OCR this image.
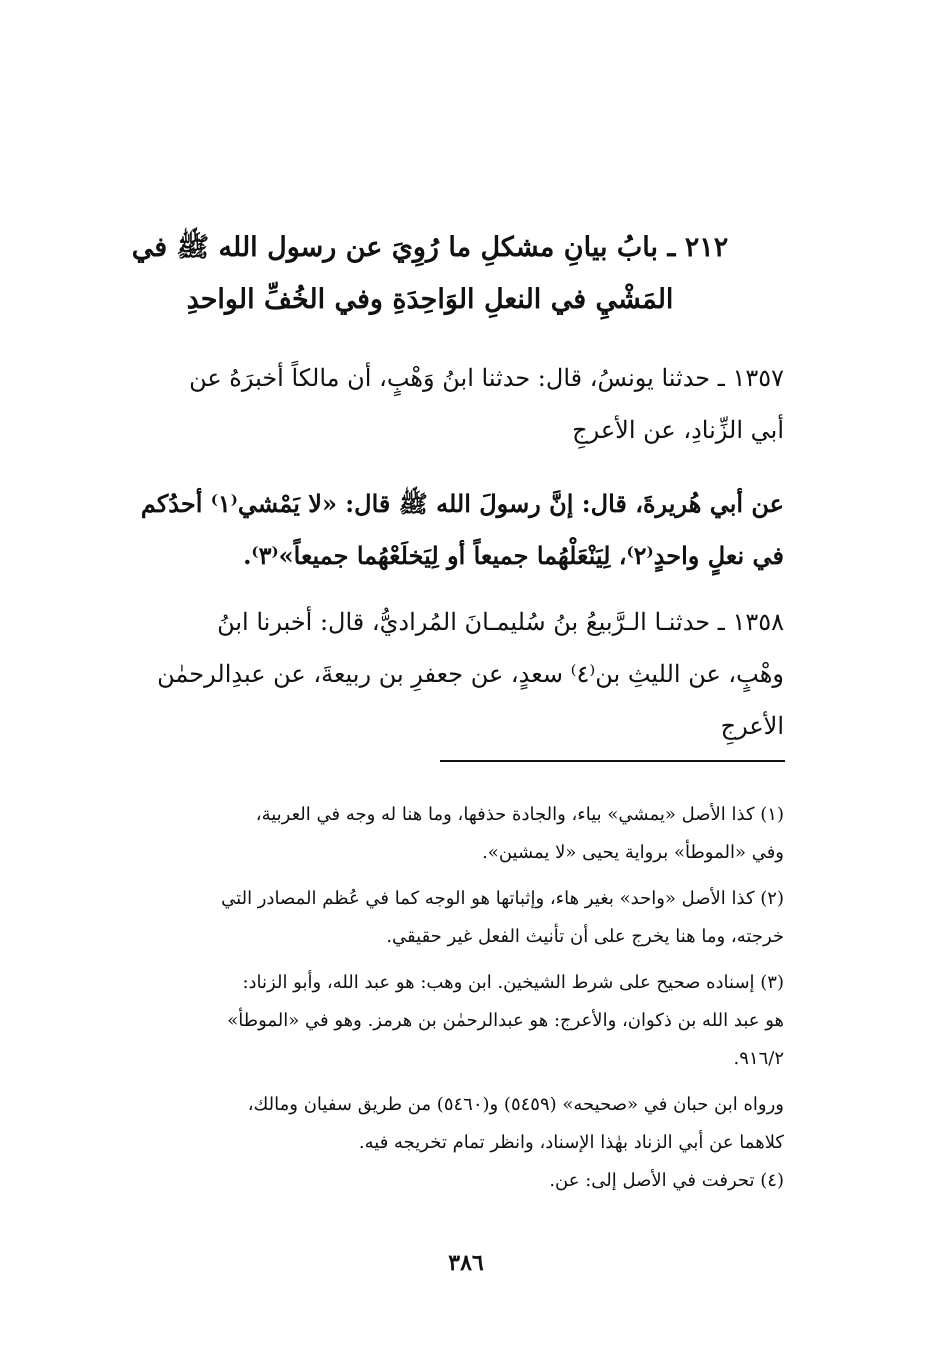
٢١٢ ـ بابُ بيانِ مشكلِ ما رُوِيَ عن رسول الله ﷺ في
المَشْيِ في النعلِ الوَاحِدَةِ وفي الخُفِّ الواحدِ
١٣٥٧ ـ حدثنا يونسُ، قال: حدثنا ابنُ وَهْبٍ، أن مالكاً أخبرَهُ عن
أبي الزِّنادِ، عن الأعرجِ
عن أبي هُريرةَ، قال: إنَّ رسولَ الله ﷺ قال: «لا يَمْشي⁽١⁾ أحدُكم
في نعلٍ واحدٍ⁽٢⁾، لِيَنْعَلْهُما جميعاً أو لِيَخلَعْهُما جميعاً»⁽٣⁾.
١٣٥٨ ـ حدثنـا الـرَّبيعُ بنُ سُليمـانَ المُراديُّ، قال: أخبرنا ابنُ
وهْبٍ، عن الليثِ بن⁽٤⁾ سعدٍ، عن جعفرِ بن ربيعةَ، عن عبدِالرحمٰن
الأعرجِ
(١) كذا الأصل «يمشي» بياء، والجادة حذفها، وما هنا له وجه في العربية،
وفي «الموطأ» برواية يحيى «لا يمشين».
(٢) كذا الأصل «واحد» بغير هاء، وإثباتها هو الوجه كما في عُظم المصادر التي
خرجته، وما هنا يخرج على أن تأنيث الفعل غير حقيقي.
(٣) إسناده صحيح على شرط الشيخين. ابن وهب: هو عبد الله، وأبو الزناد:
هو عبد الله بن ذكوان، والأعرج: هو عبدالرحمٰن بن هرمز. وهو في «الموطأ»
٩١٦/٢.
ورواه ابن حبان في «صحيحه» (٥٤٥٩) و(٥٤٦٠) من طريق سفيان ومالك،
كلاهما عن أبي الزناد بهٰذا الإسناد، وانظر تمام تخريجه فيه.
(٤) تحرفت في الأصل إلى: عن.
٣٨٦
